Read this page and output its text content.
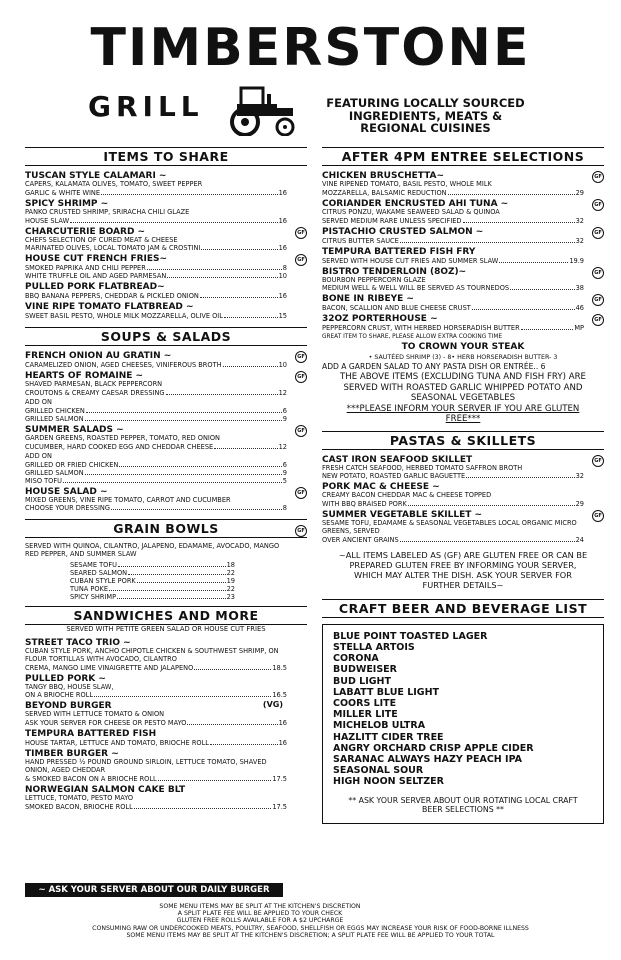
TIMBERSTONE
GRILL	FEATURING LOCALLY SOURCED INGREDIENTS, MEATS & REGIONAL CUISINES
ITEMS TO SHARE
TUSCAN STYLE CALAMARI ~
CAPERS, KALAMATA OLIVES, TOMATO, SWEET PEPPER
GARLIC & WHITE WINE	16
SPICY SHRIMP ~
PANKO CRUSTED SHRIMP, SRIRACHA CHILI GLAZE
HOUSE SLAW	16
CHARCUTERIE BOARD ~
CHEFS SELECTION OF CURED MEAT & CHEESE
MARINATED OLIVES, LOCAL TOMATO JAM & CROSTINI	16
GF
HOUSE CUT FRENCH FRIES~
SMOKED PAPRIKA AND CHILI PEPPER	8
WHITE TRUFFLE OIL AND AGED PARMESAN	10
GF
PULLED PORK FLATBREAD~
BBQ BANANA PEPPERS, CHEDDAR & PICKLED ONION	16
VINE RIPE TOMATO FLATBREAD ~
SWEET BASIL PESTO, WHOLE MILK MOZZARELLA, OLIVE OIL	15
SOUPS & SALADS
FRENCH ONION AU GRATIN ~
CARAMELIZED ONION, AGED CHEESES, VINIFEROUS BROTH	10
GF
HEARTS OF ROMAINE ~
SHAVED PARMESAN, BLACK PEPPERCORN
CROUTONS & CREAMY CAESAR DRESSING	12
ADD ON
GRILLED CHICKEN	6
GRILLED SALMON	9
GF
SUMMER SALADS ~
GARDEN GREENS, ROASTED PEPPER, TOMATO, RED ONION
CUCUMBER, HARD COOKED EGG AND CHEDDAR CHEESE	12
ADD ON
GRILLED OR FRIED CHICKEN	6
GRILLED SALMON	9
MISO TOFU	5
GF
HOUSE SALAD ~
MIXED GREENS, VINE RIPE TOMATO, CARROT AND CUCUMBER
CHOOSE YOUR DRESSING	8
GF
GRAIN BOWLS
SERVED WITH QUINOA, CILANTRO, JALAPENO, EDAMAME, AVOCADO, MANGO RED PEPPER, AND SUMMER SLAW
GF
SESAME TOFU	18
SEARED SALMON	22
CUBAN STYLE PORK	19
TUNA POKE	22
SPICY SHRIMP	23
SANDWICHES AND MORE
SERVED WITH PETITE GREEN SALAD OR HOUSE CUT FRIES
STREET TACO TRIO ~
CUBAN STYLE PORK, ANCHO CHIPOTLE CHICKEN & SOUTHWEST SHRIMP, ON FLOUR TORTILLAS WITH AVOCADO, CILANTRO
CREMA, MANGO LIME VINAIGRETTE AND JALAPENO	18.5
PULLED PORK ~
TANGY BBQ, HOUSE SLAW,
ON A BRIOCHE ROLL	16.5
BEYOND BURGER	(VG)
SERVED WITH LETTUCE TOMATO & ONION
ASK YOUR SERVER FOR CHEESE OR PESTO MAYO	16
TEMPURA BATTERED FISH
HOUSE TARTAR, LETTUCE AND TOMATO, BRIOCHE ROLL	16
TIMBER BURGER ~
HAND PRESSED ½ POUND GROUND SIRLOIN, LETTUCE TOMATO, SHAVED ONION, AGED CHEDDAR
& SMOKED BACON ON A BRIOCHE ROLL	17.5
NORWEGIAN SALMON CAKE BLT
LETTUCE, TOMATO, PESTO MAYO
SMOKED BACON, BRIOCHE ROLL	17.5
~ ASK YOUR SERVER ABOUT OUR DAILY BURGER FEATURE ~
AFTER 4PM ENTREE SELECTIONS
CHICKEN BRUSCHETTA~
VINE RIPENED TOMATO, BASIL PESTO, WHOLE MILK
MOZZARELLA, BALSAMIC REDUCTION	29
GF
CORIANDER ENCRUSTED AHI TUNA ~
CITRUS PONZU, WAKAME SEAWEED SALAD & QUINOA
SERVED MEDIUM RARE UNLESS SPECIFIED	32
GF
PISTACHIO CRUSTED SALMON ~
CITRUS BUTTER SAUCE	32
GF
TEMPURA BATTERED FISH FRY
SERVED WITH HOUSE CUT FRIES AND SUMMER SLAW	19.9
BISTRO TENDERLOIN (8OZ)~
BOURBON PEPPERCORN GLAZE
MEDIUM WELL & WELL WILL BE SERVED AS TOURNEDOS	38
GF
BONE IN RIBEYE ~
BACON, SCALLION AND BLUE CHEESE CRUST	46
GF
32OZ PORTERHOUSE ~
PEPPERCORN CRUST, WITH HERBED HORSERADISH BUTTER	MP
GF
GREAT ITEM TO SHARE, PLEASE ALLOW EXTRA COOKING TIME
TO CROWN YOUR STEAK
• SAUTÉED SHRIMP (3) - 8• HERB HORSERADISH BUTTER- 3
ADD A GARDEN SALAD TO ANY PASTA DISH OR ENTRÉE.. 6
THE ABOVE ITEMS (EXCLUDING TUNA AND FISH FRY) ARE SERVED WITH ROASTED GARLIC WHIPPED POTATO AND SEASONAL VEGETABLES
***PLEASE INFORM YOUR SERVER IF YOU ARE GLUTEN FREE***
PASTAS & SKILLETS
CAST IRON SEAFOOD SKILLET
FRESH CATCH SEAFOOD, HERBED TOMATO SAFFRON BROTH
NEW POTATO, ROASTED GARLIC BAGUETTE	32
GF
PORK MAC & CHEESE ~
CREAMY BACON CHEDDAR MAC & CHEESE TOPPED
WITH BBQ BRAISED PORK	29
SUMMER VEGETABLE SKILLET ~
SESAME TOFU, EDAMAME & SEASONAL VEGETABLES LOCAL ORGANIC MICRO GREENS, SERVED
OVER ANCIENT GRAINS	24
GF
~ALL ITEMS LABELED AS (GF) ARE GLUTEN FREE OR CAN BE PREPARED GLUTEN FREE BY INFORMING YOUR SERVER, WHICH MAY ALTER THE DISH. ASK YOUR SERVER FOR FURTHER DETAILS~
CRAFT BEER AND BEVERAGE LIST
BLUE POINT TOASTED LAGER
STELLA ARTOIS
CORONA
BUDWEISER
BUD LIGHT
LABATT BLUE LIGHT
COORS LITE
MILLER LITE
MICHELOB ULTRA
HAZLITT CIDER TREE
ANGRY ORCHARD CRISP APPLE CIDER
SARANAC ALWAYS HAZY PEACH IPA
SEASONAL SOUR
HIGH NOON SELTZER
** ASK YOUR SERVER ABOUT OUR ROTATING LOCAL CRAFT BEER SELECTIONS **
SOME MENU ITEMS MAY BE SPLIT AT THE KITCHEN'S DISCRETION
A SPLIT PLATE FEE WILL BE APPLIED TO YOUR CHECK
GLUTEN FREE ROLLS AVAILABLE FOR A $2 UPCHARGE
CONSUMING RAW OR UNDERCOOKED MEATS, POULTRY, SEAFOOD, SHELLFISH OR EGGS MAY INCREASE YOUR RISK OF FOOD-BORNE ILLNESS
SOME MENU ITEMS MAY BE SPLIT AT THE KITCHEN'S DISCRETION; A SPLIT PLATE FEE WILL BE APPLIED TO YOUR TOTAL
